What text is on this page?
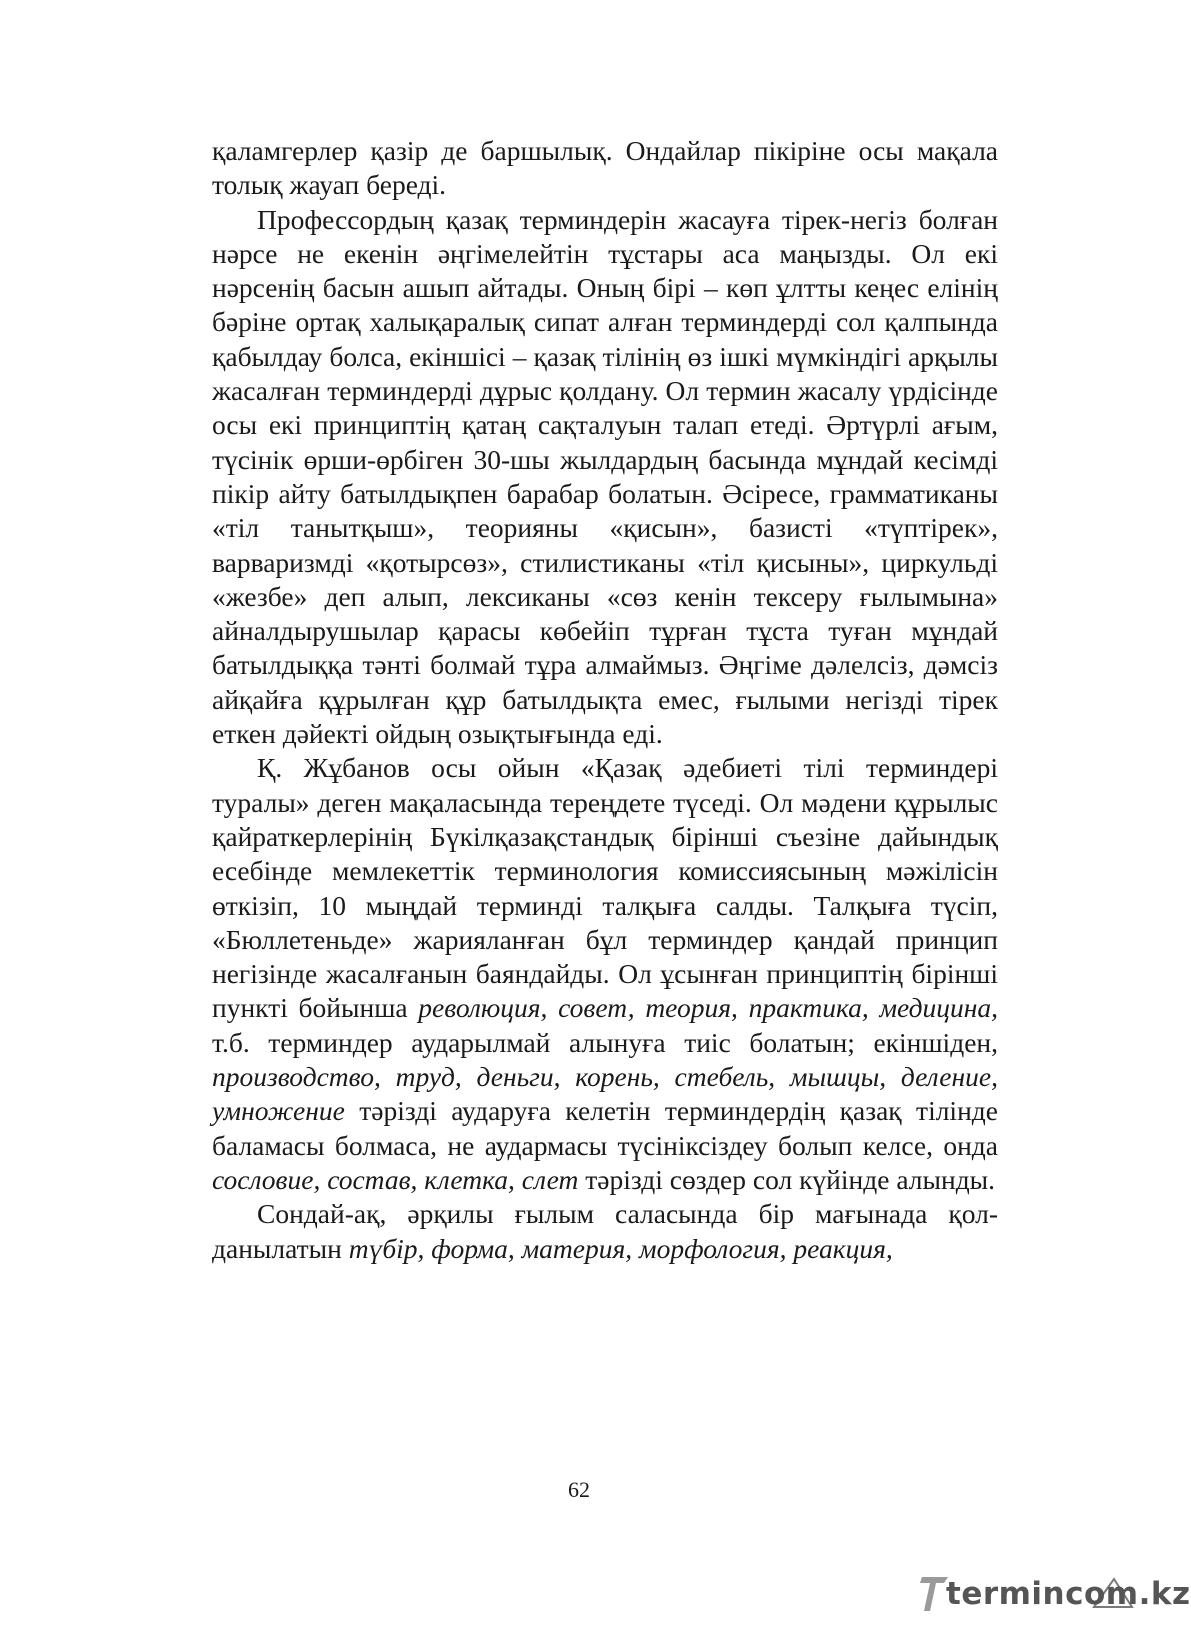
қаламгерлер қазір де баршылық. Ондайлар пікіріне осы мақала толық жауап береді.

Профессордың қазақ терминдерін жасауға тірек-негіз болған нәрсе не екенін әңгімелейтін тұстары аса маңызды. Ол екі нәрсенің басын ашып айтады. Оның бірі – көп ұлтты кеңес елінің бәріне ортақ халықаралық сипат алған терминдерді сол қалпында қабылдау болса, екіншісі – қазақ тілінің өз ішкі мүмкіндігі арқылы жасалған терминдерді дұрыс қолдану. Ол термин жасалу үрдісінде осы екі принциптің қатаң сақталуын талап етеді. Әртүрлі ағым, түсінік өрши-өрбіген 30-шы жылдардың басында мұндай кесімді пікір айту батылдықпен барабар болатын. Әсіресе, грамматиканы «тіл танытқыш», теорияны «қисын», базисті «түптірек», варваризмді «қотырсөз», стилистиканы «тіл қисыны», циркульді «жезбе» деп алып, лексиканы «сөз кенін тексеру ғылымына» айналдырушылар қарасы көбейіп тұрған тұста туған мұндай батылдыққа тәнті болмай тұра алмаймыз. Әңгіме дәлелсіз, дәмсіз айқайға құрылған құр батылдықта емес, ғылыми негізді тірек еткен дәйекті ойдың озықтығында еді.

Қ. Жұбанов осы ойын «Қазақ әдебиеті тілі терминдері туралы» деген мақаласында тереңдете түседі. Ол мәдени құрылыс қайраткерлерінің Бүкілқазақстандық бірінші съезіне дайындық есебінде мемлекеттік терминология комиссиясының мәжілісін өткізіп, 10 мыңдай терминді талқыға салды. Талқыға түсіп, «Бюллетеньде» жарияланған бұл терминдер қандай принцип негізінде жасалғанын баяндайды. Ол ұсынған принциптің бірінші пункті бойынша революция, совет, теория, практика, медицина, т.б. терминдер аударылмай алынуға тиіс болатын; екіншіден, производство, труд, деньги, корень, стебель, мышцы, деление, умножение тәрізді аударуға келетін терминдердің қазақ тілінде баламасы болмаса, не аудармасы түсініксіздеу болып келсе, онда сословие, состав, клетка, слет тәрізді сөздер сол күйінде алынды.

Сондай-ақ, әрқилы ғылым саласында бір мағынада қолданылатын түбір, форма, материя, морфология, реакция,

62
termincom.kz
